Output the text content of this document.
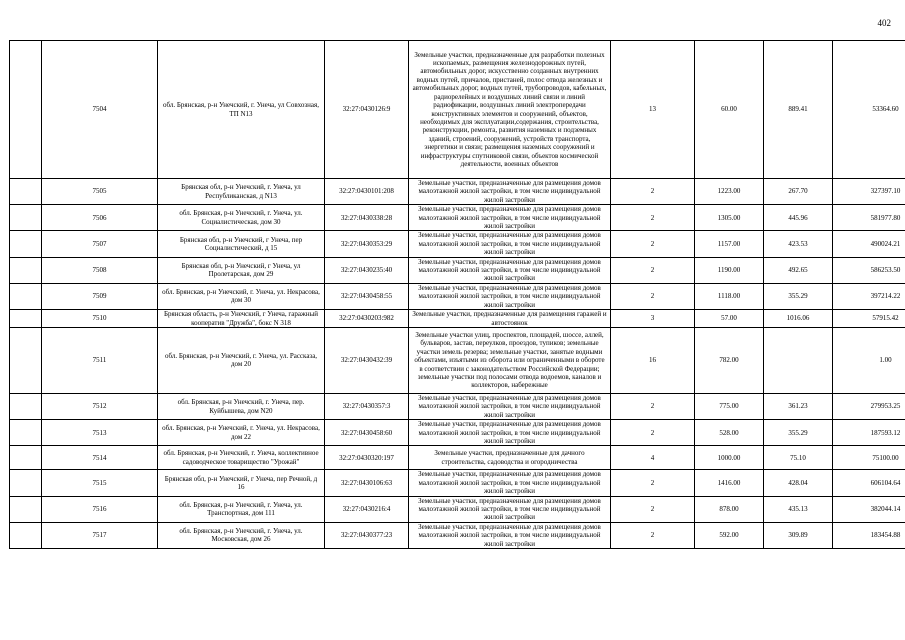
402
	7504	обл. Брянская, р-н Унечский, г. Унеча, ул Совхозная, ТП N13	32:27:0430126:9	Земельные участки, предназначенные для разработки полезных ископаемых, размещения железнодорожных путей, автомобильных дорог, искусственно созданных внутренних водных путей, причалов, пристаней, полос отвода железных и автомобильных дорог, водных путей, трубопроводов, кабельных, радиорелейных и воздушных линий связи и линий радиофикации, воздушных линий электропередачи конструктивных элементов и сооружений, объектов, необходимых для эксплуатации,содержания, строительства, реконструкции, ремонта, развития наземных и подземных зданий, строений, сооружений, устройств транспорта, энергетики и связи; размещения наземных сооружений и инфраструктуры спутниковой связи, объектов космической деятельности, военных объектов	13	60.00	889.41	53364.60
	7505	Брянская обл, р-н Унечский, г. Унеча, ул Республиканская, д N13	32:27:0430101:208	Земельные участки, предназначенные для размещения домов малоэтажной жилой застройки, в том числе индивидуальной жилой застройки	2	1223.00	267.70	327397.10
	7506	обл. Брянская, р-н Унечский, г. Унеча, ул. Социалистическая, дом 30	32:27:0430338:28	Земельные участки, предназначенные для размещения домов малоэтажной жилой застройки, в том числе индивидуальной жилой застройки	2	1305.00	445.96	581977.80
	7507	Брянская обл, р-н Унечский, г Унеча, пер Социалистический, д 15	32:27:0430353:29	Земельные участки, предназначенные для размещения домов малоэтажной жилой застройки, в том числе индивидуальной жилой застройки	2	1157.00	423.53	490024.21
	7508	Брянская обл, р-н Унечский, г Унеча, ул Пролетарская, дом 29	32:27:0430235:40	Земельные участки, предназначенные для размещения домов малоэтажной жилой застройки, в том числе индивидуальной жилой застройки	2	1190.00	492.65	586253.50
	7509	обл. Брянская, р-н Унечский, г. Унеча, ул. Некрасова, дом 30	32:27:0430458:55	Земельные участки, предназначенные для размещения домов малоэтажной жилой застройки, в том числе индивидуальной жилой застройки	2	1118.00	355.29	397214.22
	7510	Брянская область, р-н Унечский, г Унеча, гаражный кооператив "Дружба", бокс N 318	32:27:0430203:982	Земельные участки, предназначенные для размещения гаражей и автостоянок	3	57.00	1016.06	57915.42
	7511	обл. Брянская, р-н Унечский, г. Унеча, ул. Рассказа, дом 20	32:27:0430432:39	Земельные участки улиц, проспектов, площадей, шоссе, аллей, бульваров, застав, переулков, проездов, тупиков; земельные участки земель резерва; земельные участки, занятые водными объектами, изъятыми из оборота или ограниченными в обороте в соответствии с законодательством Российской Федерации; земельные участки под полосами отвода водоемов, каналов и коллекторов, набережные	16	782.00		1.00
	7512	обл. Брянская, р-н Унечский, г. Унеча, пер. Куйбышева, дом N20	32:27:0430357:3	Земельные участки, предназначенные для размещения домов малоэтажной жилой застройки, в том числе индивидуальной жилой застройки	2	775.00	361.23	279953.25
	7513	обл. Брянская, р-н Унечский, г. Унеча, ул. Некрасова, дом 22	32:27:0430458:60	Земельные участки, предназначенные для размещения домов малоэтажной жилой застройки, в том числе индивидуальной жилой застройки	2	528.00	355.29	187593.12
	7514	обл. Брянская, р-н Унечский, г. Унеча, коллективное садоводческое товарищество "Урожай"	32:27:0430320:197	Земельные участки, предназначенные для дачного строительства, садоводства и огородничества	4	1000.00	75.10	75100.00
	7515	Брянская обл, р-н Унечский, г Унеча, пер Речной, д 16	32:27:0430106:63	Земельные участки, предназначенные для размещения домов малоэтажной жилой застройки, в том числе индивидуальной жилой застройки	2	1416.00	428.04	606104.64
	7516	обл. Брянская, р-н Унечский, г. Унеча, ул. Транспортная, дом 111	32:27:0430216:4	Земельные участки, предназначенные для размещения домов малоэтажной жилой застройки, в том числе индивидуальной жилой застройки	2	878.00	435.13	382044.14
	7517	обл. Брянская, р-н Унечский, г. Унеча, ул. Московская, дом 26	32:27:0430377:23	Земельные участки, предназначенные для размещения домов малоэтажной жилой застройки, в том числе индивидуальной жилой застройки	2	592.00	309.89	183454.88
